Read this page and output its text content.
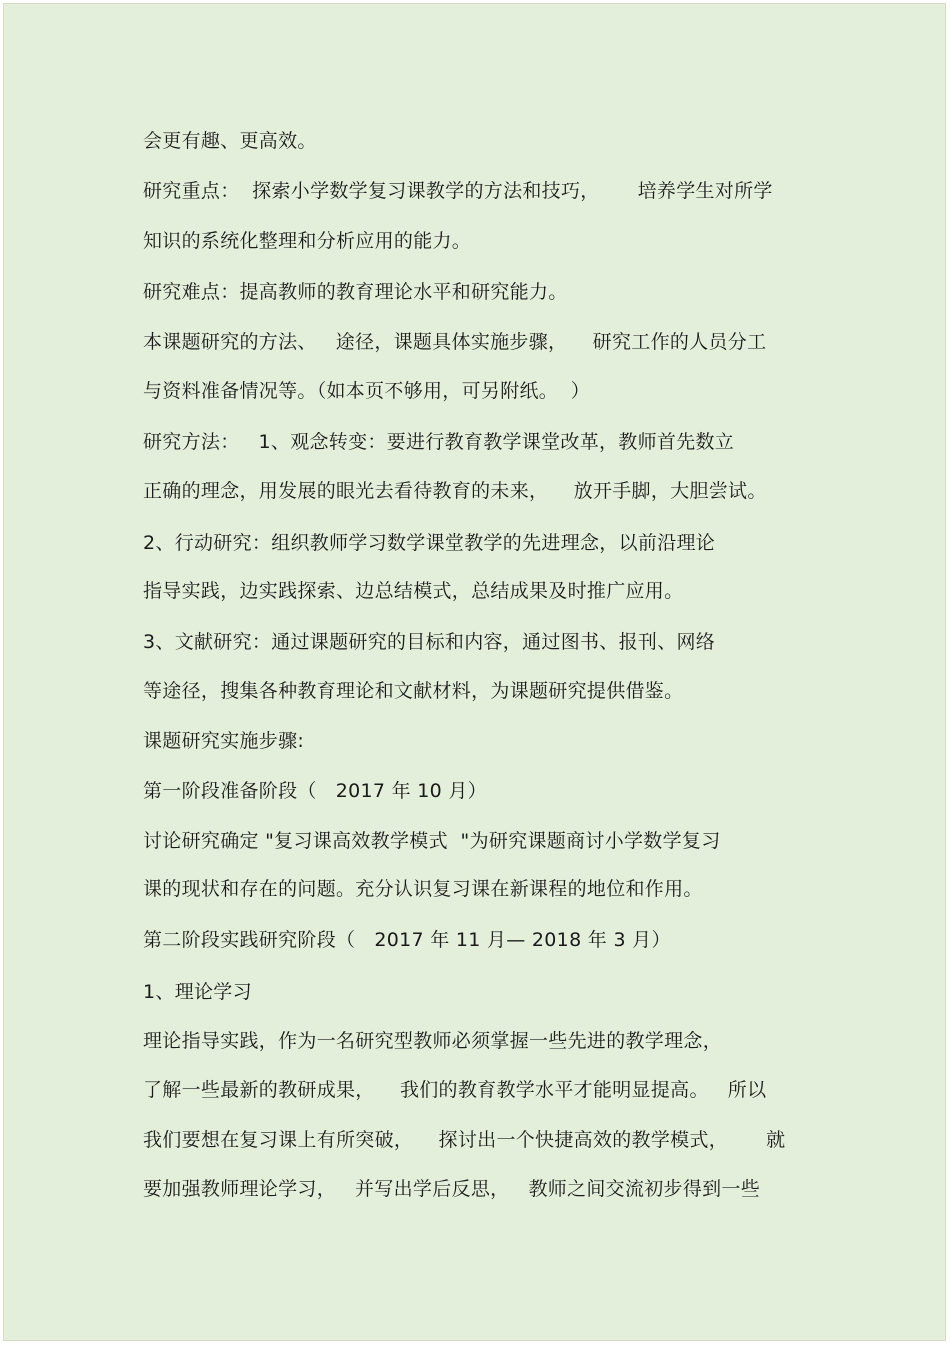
会更有趣、更高效。
研究重点：  探索小学数学复习课教学的方法和技巧，      培养学生对所学
知识的系统化整理和分析应用的能力。
研究难点：提高教师的教育理论水平和研究能力。
本课题研究的方法、   途径，课题具体实施步骤，    研究工作的人员分工
与资料准备情况等。（如本页不够用，可另附纸。  ）
研究方法：   1、观念转变：要进行教育教学课堂改革，教师首先数立
正确的理念，用发展的眼光去看待教育的未来，    放开手脚，大胆尝试。
2、行动研究：组织教师学习数学课堂教学的先进理念，以前沿理论
指导实践，边实践探索、边总结模式，总结成果及时推广应用。
3、文献研究：通过课题研究的目标和内容，通过图书、报刊、网络
等途径，搜集各种教育理论和文献材料，为课题研究提供借鉴。
课题研究实施步骤:
第一阶段准备阶段（   2017 年 10 月）
讨论研究确定 "复习课高效教学模式  "为研究课题商讨小学数学复习
课的现状和存在的问题。充分认识复习课在新课程的地位和作用。
第二阶段实践研究阶段（   2017 年 11 月— 2018 年 3 月）
1、理论学习
理论指导实践，作为一名研究型教师必须掌握一些先进的教学理念，
了解一些最新的教研成果，    我们的教育教学水平才能明显提高。   所以
我们要想在复习课上有所突破，    探讨出一个快捷高效的教学模式，      就
要加强教师理论学习，   并写出学后反思，   教师之间交流初步得到一些
